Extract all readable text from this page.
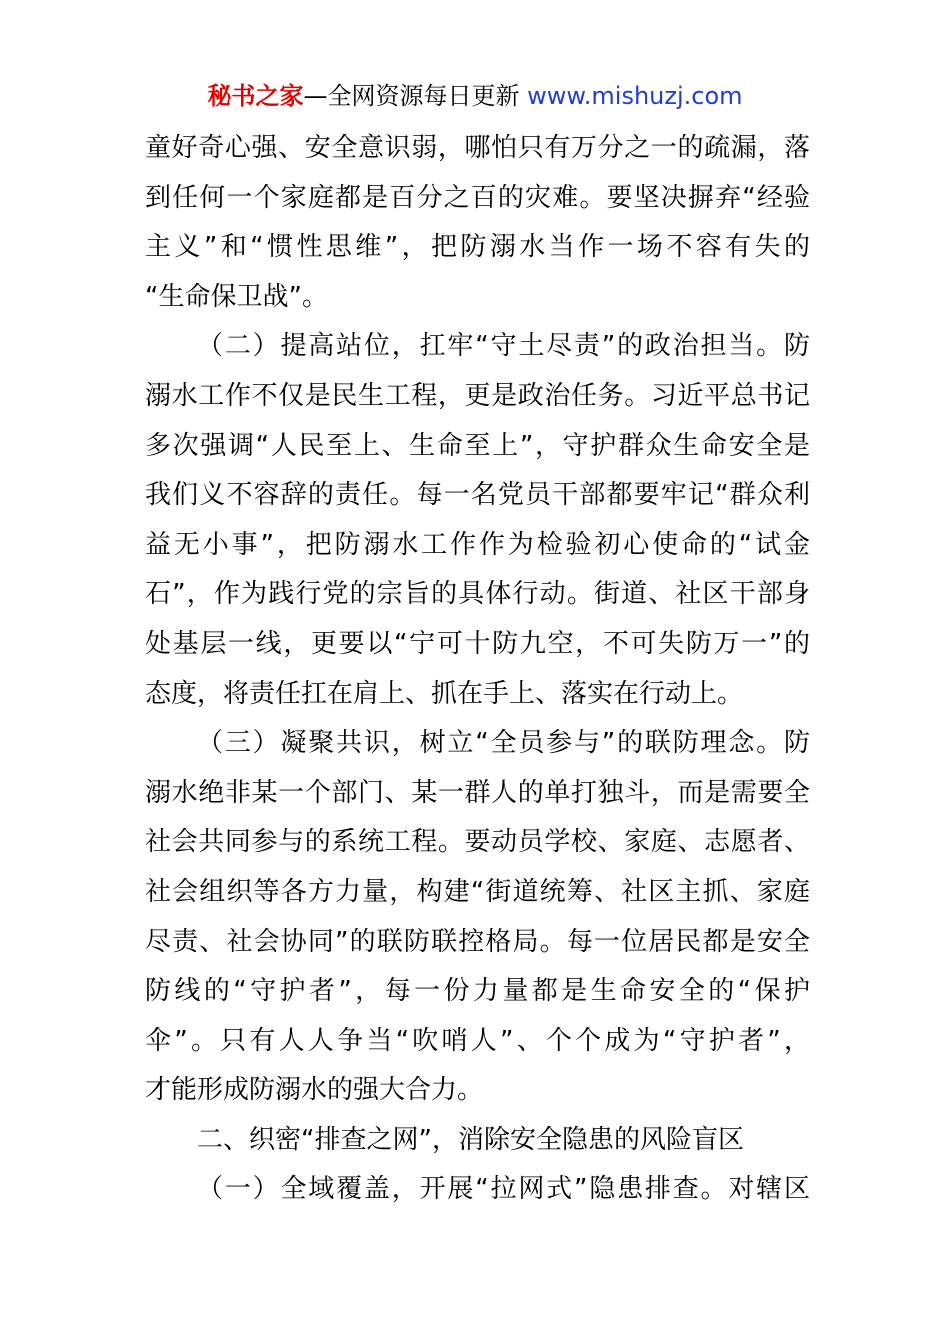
秘书之家—全网资源每日更新 www.mishuzj.com
童好奇心强、安全意识弱，哪怕只有万分之一的疏漏，落
到任何一个家庭都是百分之百的灾难。要坚决摒弃“经验
主义”和“惯性思维”，把防溺水当作一场不容有失的
“生命保卫战”。
（二）提高站位，扛牢“守土尽责”的政治担当。防
溺水工作不仅是民生工程，更是政治任务。习近平总书记
多次强调“人民至上、生命至上”，守护群众生命安全是
我们义不容辞的责任。每一名党员干部都要牢记“群众利
益无小事”，把防溺水工作作为检验初心使命的“试金
石”，作为践行党的宗旨的具体行动。街道、社区干部身
处基层一线，更要以“宁可十防九空，不可失防万一”的
态度，将责任扛在肩上、抓在手上、落实在行动上。
（三）凝聚共识，树立“全员参与”的联防理念。防
溺水绝非某一个部门、某一群人的单打独斗，而是需要全
社会共同参与的系统工程。要动员学校、家庭、志愿者、
社会组织等各方力量，构建“街道统筹、社区主抓、家庭
尽责、社会协同”的联防联控格局。每一位居民都是安全
防线的“守护者”，每一份力量都是生命安全的“保护
伞”。只有人人争当“吹哨人”、个个成为“守护者”，
才能形成防溺水的强大合力。
二、织密“排查之网”，消除安全隐患的风险盲区
（一）全域覆盖，开展“拉网式”隐患排查。对辖区
